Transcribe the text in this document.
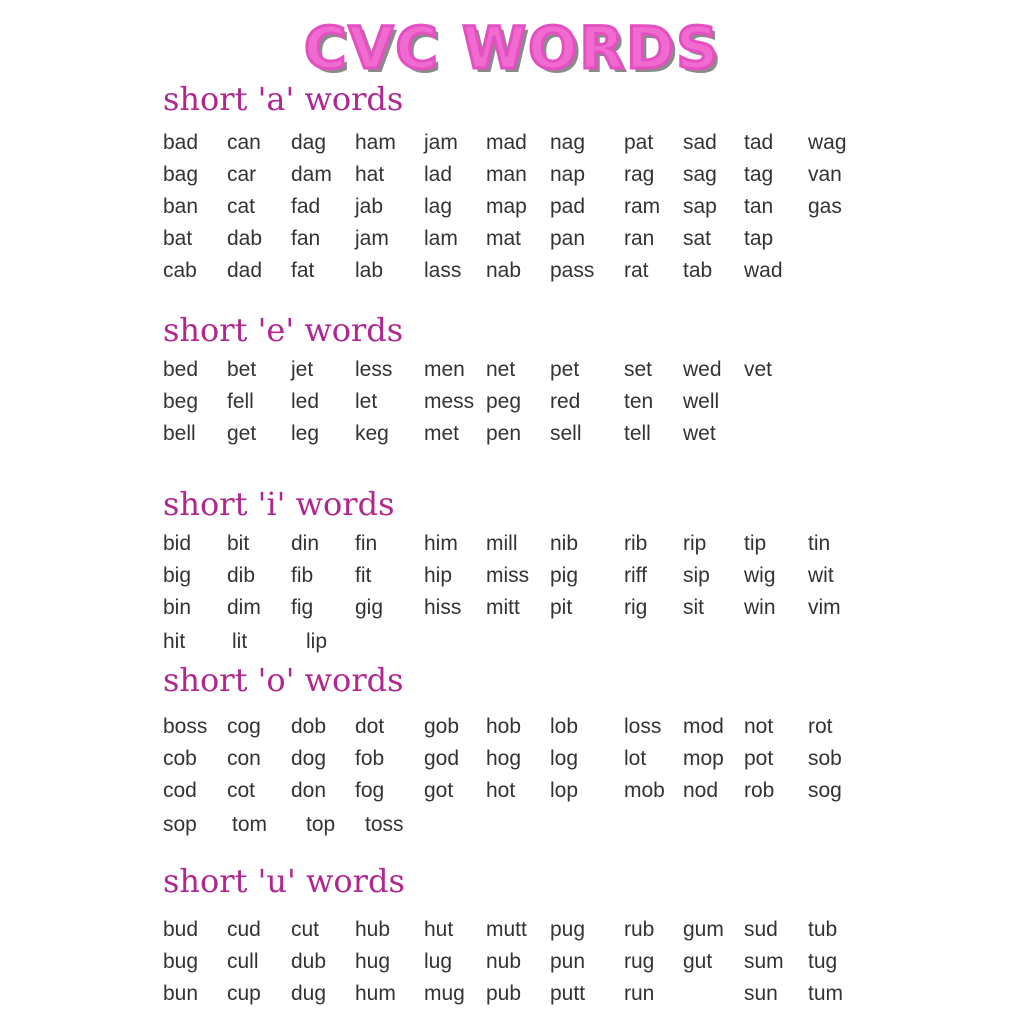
CVC WORDS
short 'a' words
bad can dag ham jam mad nag pat sad tad wag
bag car dam hat lad man nap rag sag tag van
ban cat fad jab lag map pad ram sap tan gas
bat dab fan jam lam mat pan ran sat tap
cab dad fat lab lass nab pass rat tab wad
short 'e' words
bed bet jet less men net pet set wed vet
beg fell led let mess peg red ten well
bell get leg keg met pen sell tell wet
short 'i' words
bid bit din fin him mill nib rib rip tip tin
big dib fib fit	hip miss pig riff sip wig wit
bin dim fig gig hiss mitt pit rig sit win vim
hit lit	lip
short 'o' words
boss cog dob dot gob hob lob loss mod not rot
cob con dog fob god hog log lot mop pot sob
cod cot don fog got hot lop mob nod rob sog
sop tom top toss
short 'u' words
bud cud cut hub hut mutt pug rub gum sud tub
bug cull dub hug lug nub pun rug gut sum tug
bun cup dug hum mug pub putt run	sun tum
